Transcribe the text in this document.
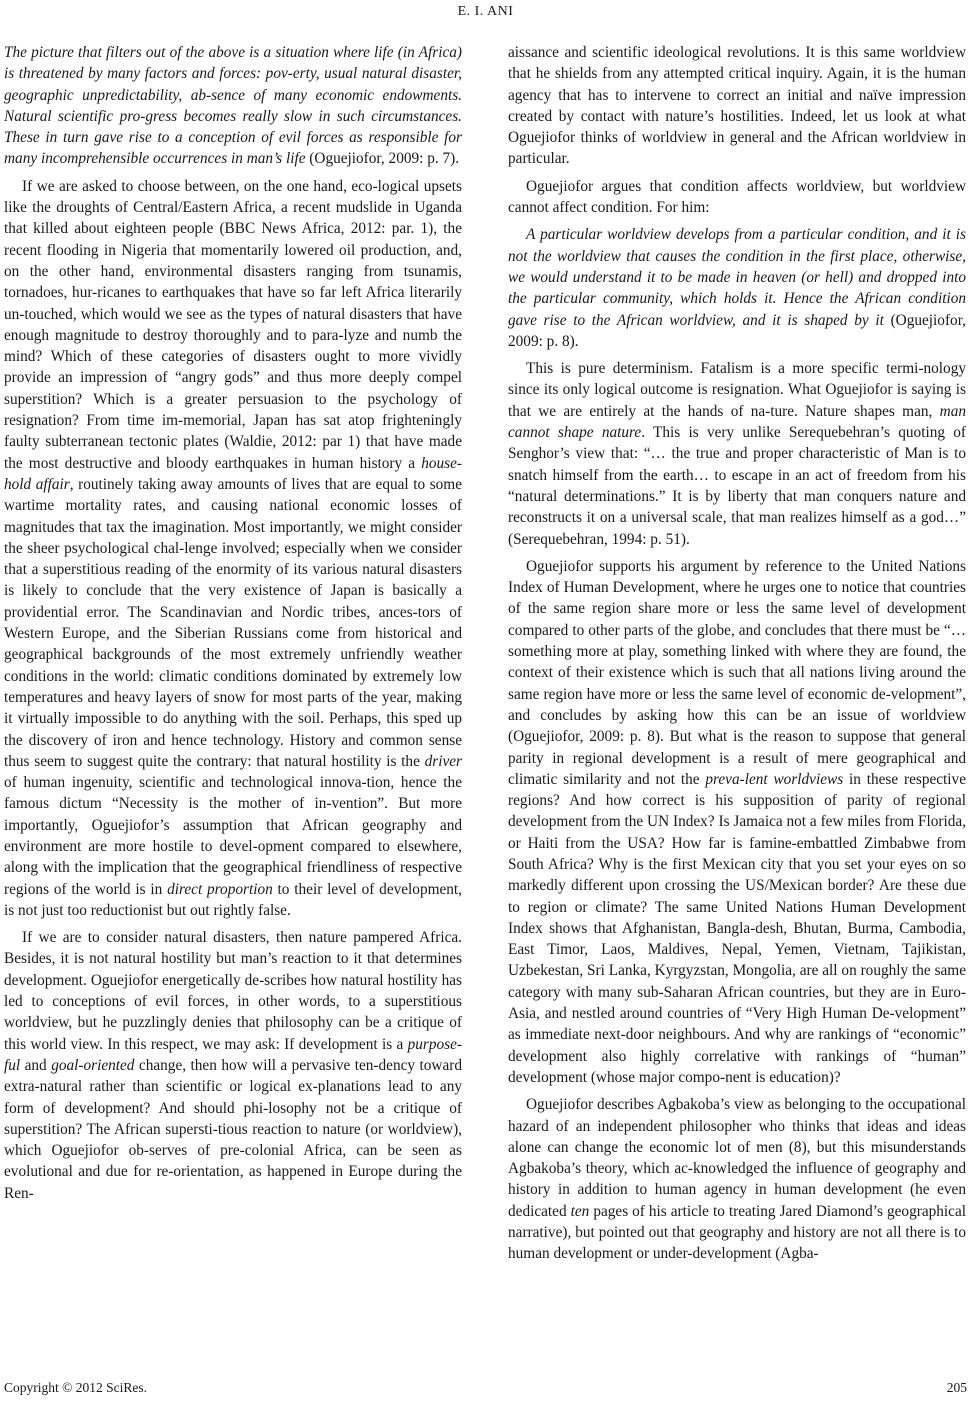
E. I. ANI

The picture that filters out of the above is a situation where life (in Africa) is threatened by many factors and forces: pov-erty, usual natural disaster, geographic unpredictability, ab-sence of many economic endowments. Natural scientific pro-gress becomes really slow in such circumstances. These in turn gave rise to a conception of evil forces as responsible for many incomprehensible occurrences in man’s life (Oguejiofor, 2009: p. 7).

If we are asked to choose between, on the one hand, eco-logical upsets like the droughts of Central/Eastern Africa, a recent mudslide in Uganda that killed about eighteen people (BBC News Africa, 2012: par. 1), the recent flooding in Nigeria that momentarily lowered oil production, and, on the other hand, environmental disasters ranging from tsunamis, tornadoes, hur-ricanes to earthquakes that have so far left Africa literarily un-touched, which would we see as the types of natural disasters that have enough magnitude to destroy thoroughly and to para-lyze and numb the mind? Which of these categories of disasters ought to more vividly provide an impression of “angry gods” and thus more deeply compel superstition? Which is a greater persuasion to the psychology of resignation? From time im-memorial, Japan has sat atop frighteningly faulty subterranean tectonic plates (Waldie, 2012: par 1) that have made the most destructive and bloody earthquakes in human history a house-hold affair, routinely taking away amounts of lives that are equal to some wartime mortality rates, and causing national economic losses of magnitudes that tax the imagination. Most importantly, we might consider the sheer psychological chal-lenge involved; especially when we consider that a superstitious reading of the enormity of its various natural disasters is likely to conclude that the very existence of Japan is basically a providential error. The Scandinavian and Nordic tribes, ances-tors of Western Europe, and the Siberian Russians come from historical and geographical backgrounds of the most extremely unfriendly weather conditions in the world: climatic conditions dominated by extremely low temperatures and heavy layers of snow for most parts of the year, making it virtually impossible to do anything with the soil. Perhaps, this sped up the discovery of iron and hence technology. History and common sense thus seem to suggest quite the contrary: that natural hostility is the driver of human ingenuity, scientific and technological innova-tion, hence the famous dictum “Necessity is the mother of in-vention”. But more importantly, Oguejiofor’s assumption that African geography and environment are more hostile to devel-opment compared to elsewhere, along with the implication that the geographical friendliness of respective regions of the world is in direct proportion to their level of development, is not just too reductionist but out rightly false.

If we are to consider natural disasters, then nature pampered Africa. Besides, it is not natural hostility but man’s reaction to it that determines development. Oguejiofor energetically de-scribes how natural hostility has led to conceptions of evil forces, in other words, to a superstitious worldview, but he puzzlingly denies that philosophy can be a critique of this world view. In this respect, we may ask: If development is a purpose-ful and goal-oriented change, then how will a pervasive ten-dency toward extra-natural rather than scientific or logical ex-planations lead to any form of development? And should phi-losophy not be a critique of superstition? The African supersti-tious reaction to nature (or worldview), which Oguejiofor ob-serves of pre-colonial Africa, can be seen as evolutional and due for re-orientation, as happened in Europe during the Ren-

aissance and scientific ideological revolutions. It is this same worldview that he shields from any attempted critical inquiry. Again, it is the human agency that has to intervene to correct an initial and naïve impression created by contact with nature’s hostilities. Indeed, let us look at what Oguejiofor thinks of worldview in general and the African worldview in particular.

Oguejiofor argues that condition affects worldview, but worldview cannot affect condition. For him:

A particular worldview develops from a particular condition, and it is not the worldview that causes the condition in the first place, otherwise, we would understand it to be made in heaven (or hell) and dropped into the particular community, which holds it. Hence the African condition gave rise to the African worldview, and it is shaped by it (Oguejiofor, 2009: p. 8).

This is pure determinism. Fatalism is a more specific termi-nology since its only logical outcome is resignation. What Oguejiofor is saying is that we are entirely at the hands of na-ture. Nature shapes man, man cannot shape nature. This is very unlike Serequebehran’s quoting of Senghor’s view that: “… the true and proper characteristic of Man is to snatch himself from the earth… to escape in an act of freedom from his “natural determinations.” It is by liberty that man conquers nature and reconstructs it on a universal scale, that man realizes himself as a god…” (Serequebehran, 1994: p. 51).

Oguejiofor supports his argument by reference to the United Nations Index of Human Development, where he urges one to notice that countries of the same region share more or less the same level of development compared to other parts of the globe, and concludes that there must be “… something more at play, something linked with where they are found, the context of their existence which is such that all nations living around the same region have more or less the same level of economic de-velopment”, and concludes by asking how this can be an issue of worldview (Oguejiofor, 2009: p. 8). But what is the reason to suppose that general parity in regional development is a result of mere geographical and climatic similarity and not the preva-lent worldviews in these respective regions? And how correct is his supposition of parity of regional development from the UN Index? Is Jamaica not a few miles from Florida, or Haiti from the USA? How far is famine-embattled Zimbabwe from South Africa? Why is the first Mexican city that you set your eyes on so markedly different upon crossing the US/Mexican border? Are these due to region or climate? The same United Nations Human Development Index shows that Afghanistan, Bangla-desh, Bhutan, Burma, Cambodia, East Timor, Laos, Maldives, Nepal, Yemen, Vietnam, Tajikistan, Uzbekestan, Sri Lanka, Kyrgyzstan, Mongolia, are all on roughly the same category with many sub-Saharan African countries, but they are in Euro-Asia, and nestled around countries of “Very High Human De-velopment” as immediate next-door neighbours. And why are rankings of “economic” development also highly correlative with rankings of “human” development (whose major compo-nent is education)?

Oguejiofor describes Agbakoba’s view as belonging to the occupational hazard of an independent philosopher who thinks that ideas and ideas alone can change the economic lot of men (8), but this misunderstands Agbakoba’s theory, which ac-knowledged the influence of geography and history in addition to human agency in human development (he even dedicated ten pages of his article to treating Jared Diamond’s geographical narrative), but pointed out that geography and history are not all there is to human development or under-development (Agba-

Copyright © 2012 SciRes.	205
